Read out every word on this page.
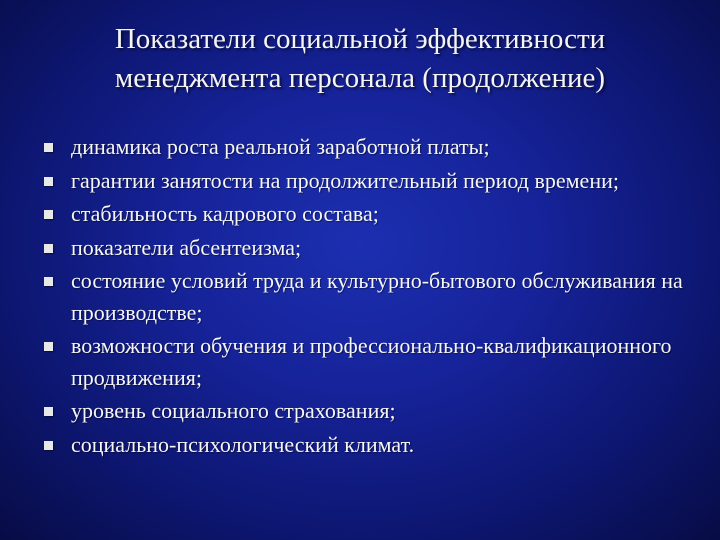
Показатели социальной эффективности
менеджмента персонала (продолжение)
динамика роста реальной заработной платы;
гарантии занятости на продолжительный период времени;
стабильность кадрового состава;
показатели абсентеизма;
состояние условий труда и культурно-бытового обслуживания на производстве;
возможности обучения и профессионально-квалификационного продвижения;
уровень социального страхования;
социально-психологический климат.
